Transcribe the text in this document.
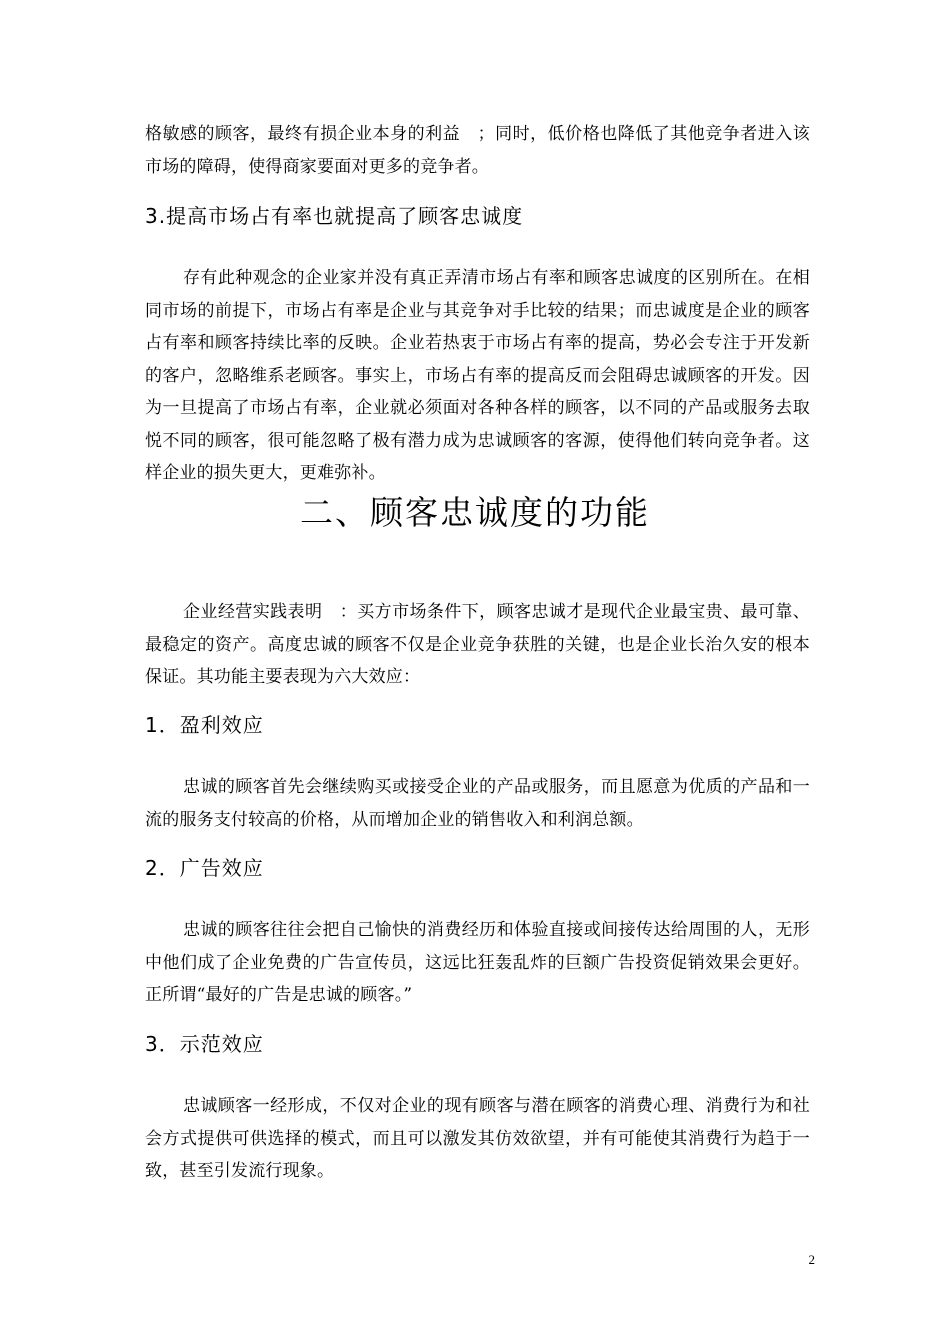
格敏感的顾客，最终有损企业本身的利益　；同时，低价格也降低了其他竞争者进入该市场的障碍，使得商家要面对更多的竞争者。

3.提高市场占有率也就提高了顾客忠诚度

存有此种观念的企业家并没有真正弄清市场占有率和顾客忠诚度的区别所在。在相同市场的前提下，市场占有率是企业与其竞争对手比较的结果；而忠诚度是企业的顾客占有率和顾客持续比率的反映。企业若热衷于市场占有率的提高，势必会专注于开发新的客户，忽略维系老顾客。事实上，市场占有率的提高反而会阻碍忠诚顾客的开发。因为一旦提高了市场占有率，企业就必须面对各种各样的顾客，以不同的产品或服务去取悦不同的顾客，很可能忽略了极有潜力成为忠诚顾客的客源，使得他们转向竞争者。这样企业的损失更大，更难弥补。

二、顾客忠诚度的功能

企业经营实践表明　：买方市场条件下，顾客忠诚才是现代企业最宝贵、最可靠、最稳定的资产。高度忠诚的顾客不仅是企业竞争获胜的关键，也是企业长治久安的根本保证。其功能主要表现为六大效应：

1．盈利效应

忠诚的顾客首先会继续购买或接受企业的产品或服务，而且愿意为优质的产品和一流的服务支付较高的价格，从而增加企业的销售收入和利润总额。

2．广告效应

忠诚的顾客往往会把自己愉快的消费经历和体验直接或间接传达给周围的人，无形中他们成了企业免费的广告宣传员，这远比狂轰乱炸的巨额广告投资促销效果会更好。正所谓“最好的广告是忠诚的顾客。”

3．示范效应

忠诚顾客一经形成，不仅对企业的现有顾客与潜在顾客的消费心理、消费行为和社会方式提供可供选择的模式，而且可以激发其仿效欲望，并有可能使其消费行为趋于一致，甚至引发流行现象。

2
